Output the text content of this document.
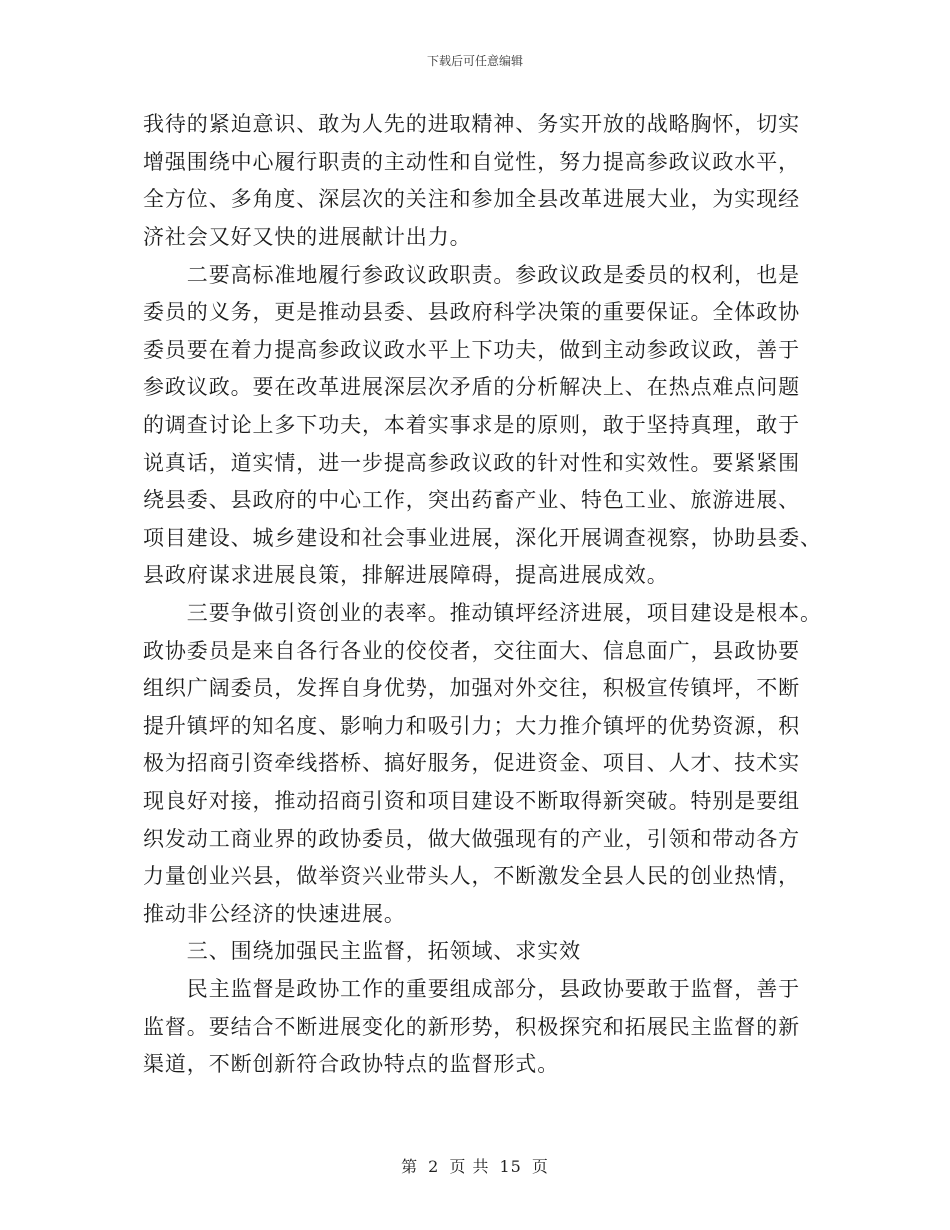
下载后可任意编辑
我待的紧迫意识、敢为人先的进取精神、务实开放的战略胸怀，切实
增强围绕中心履行职责的主动性和自觉性，努力提高参政议政水平，
全方位、多角度、深层次的关注和参加全县改革进展大业，为实现经
济社会又好又快的进展献计出力。
　　二要高标准地履行参政议政职责。参政议政是委员的权利，也是
委员的义务，更是推动县委、县政府科学决策的重要保证。全体政协
委员要在着力提高参政议政水平上下功夫，做到主动参政议政，善于
参政议政。要在改革进展深层次矛盾的分析解决上、在热点难点问题
的调查讨论上多下功夫，本着实事求是的原则，敢于坚持真理，敢于
说真话，道实情，进一步提高参政议政的针对性和实效性。要紧紧围
绕县委、县政府的中心工作，突出药畜产业、特色工业、旅游进展、
项目建设、城乡建设和社会事业进展，深化开展调查视察，协助县委、
县政府谋求进展良策，排解进展障碍，提高进展成效。
　　三要争做引资创业的表率。推动镇坪经济进展，项目建设是根本。
政协委员是来自各行各业的佼佼者，交往面大、信息面广，县政协要
组织广阔委员，发挥自身优势，加强对外交往，积极宣传镇坪，不断
提升镇坪的知名度、影响力和吸引力；大力推介镇坪的优势资源，积
极为招商引资牵线搭桥、搞好服务，促进资金、项目、人才、技术实
现良好对接，推动招商引资和项目建设不断取得新突破。特别是要组
织发动工商业界的政协委员，做大做强现有的产业，引领和带动各方
力量创业兴县，做举资兴业带头人，不断激发全县人民的创业热情，
推动非公经济的快速进展。
　　三、围绕加强民主监督，拓领域、求实效
　　民主监督是政协工作的重要组成部分，县政协要敢于监督，善于
监督。要结合不断进展变化的新形势，积极探究和拓展民主监督的新
渠道，不断创新符合政协特点的监督形式。
第 2 页 共 15 页
